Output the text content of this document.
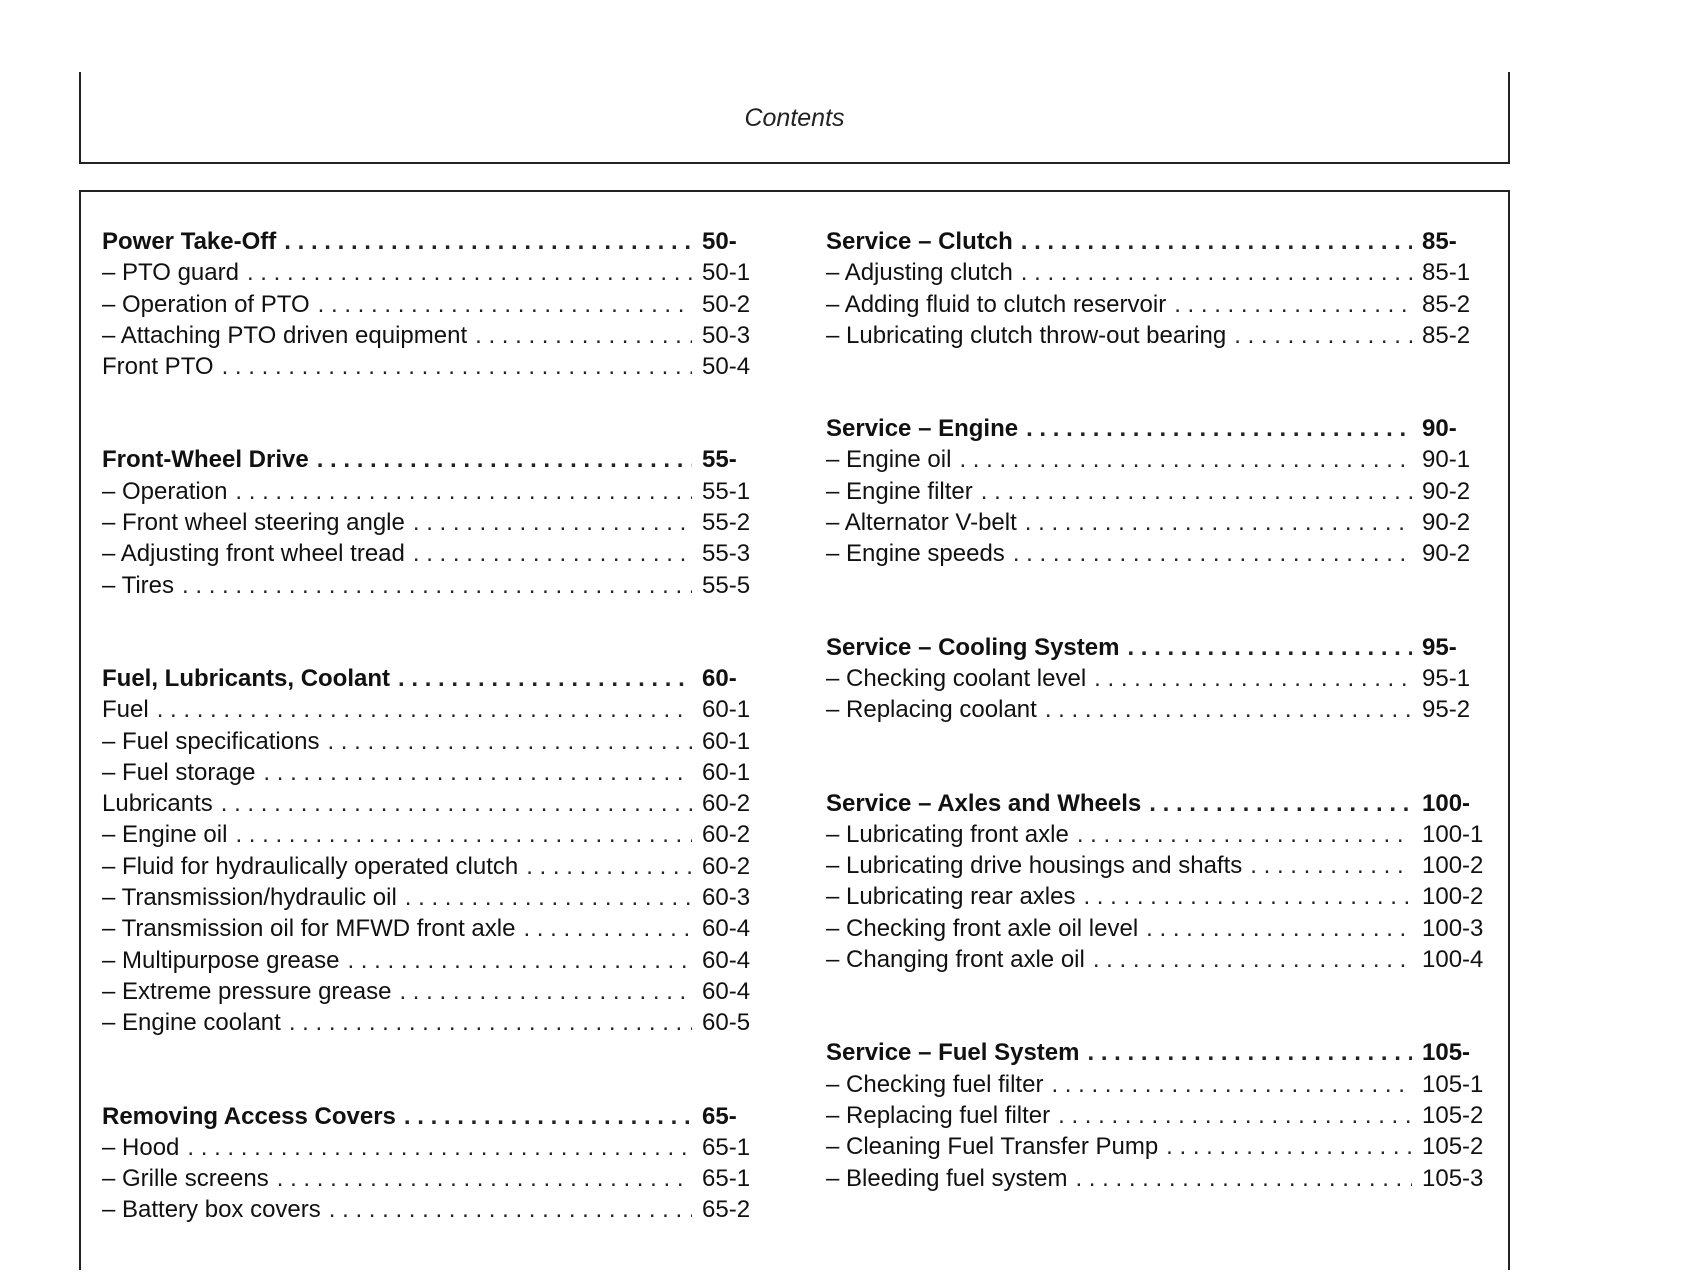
Contents
Power Take-Off . . .	50-
– PTO guard . . .	50-1
– Operation of PTO . . .	50-2
– Attaching PTO driven equipment . . .	50-3
Front PTO . . .	50-4
Front-Wheel Drive . . .	55-
– Operation . . .	55-1
– Front wheel steering angle . . .	55-2
– Adjusting front wheel tread . . .	55-3
– Tires . . .	55-5
Fuel, Lubricants, Coolant . . .	60-
Fuel . . .	60-1
– Fuel specifications . . .	60-1
– Fuel storage . . .	60-1
Lubricants . . .	60-2
– Engine oil . . .	60-2
– Fluid for hydraulically operated clutch . . .	60-2
– Transmission/hydraulic oil . . .	60-3
– Transmission oil for MFWD front axle . . .	60-4
– Multipurpose grease . . .	60-4
– Extreme pressure grease . . .	60-4
– Engine coolant . . .	60-5
Removing Access Covers . . .	65-
– Hood . . .	65-1
– Grille screens . . .	65-1
– Battery box covers . . .	65-2
Service – Clutch . . .	85-
– Adjusting clutch . . .	85-1
– Adding fluid to clutch reservoir . . .	85-2
– Lubricating clutch throw-out bearing . . .	85-2
Service – Engine . . .	90-
– Engine oil . . .	90-1
– Engine filter . . .	90-2
– Alternator V-belt . . .	90-2
– Engine speeds . . .	90-2
Service – Cooling System . . .	95-
– Checking coolant level . . .	95-1
– Replacing coolant . . .	95-2
Service – Axles and Wheels . . .	100-
– Lubricating front axle . . .	100-1
– Lubricating drive housings and shafts . . .	100-2
– Lubricating rear axles . . .	100-2
– Checking front axle oil level . . .	100-3
– Changing front axle oil . . .	100-4
Service – Fuel System . . .	105-
– Checking fuel filter . . .	105-1
– Replacing fuel filter . . .	105-2
– Cleaning Fuel Transfer Pump . . .	105-2
– Bleeding fuel system . . .	105-3
